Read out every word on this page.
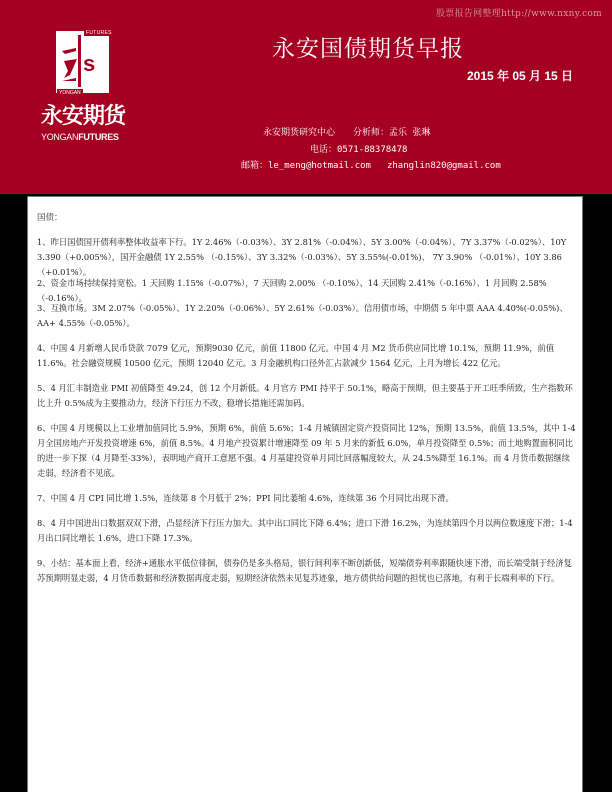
股票报告网整理http://www.nxny.com
s
FUTURES
YONGAN
永安期货
YONGANFUTURES
永安国债期货早报
2015 年 05 月 15 日
永安期货研究中心 分析师：孟乐 张琳
电话：0571-88378478
邮箱：le_meng@hotmail.com zhanglin820@gmail.com
国债：
1、昨日国债国开债利率整体收益率下行。1Y 2.46%（-0.03%）、3Y 2.81%（-0.04%）、5Y 3.00%（-0.04%）、7Y 3.37%（-0.02%）、10Y 3.390（+0.005%），国开金融债 1Y 2.55% （-0.15%）、3Y 3.32%（-0.03%）、5Y 3.55%(-0.01%)、 7Y 3.90% （-0.01%）、10Y 3.86（+0.01%）。
2、资金市场持续保持宽松。1 天回购 1.15%（-0.07%），7 天回购 2.00% （-0.10%）、14 天回购 2.41%（-0.16%）、1 月回购 2.58%（-0.16%）。
3、互换市场。3M 2.07%（-0.05%）、1Y 2.20%（-0.06%）、5Y 2.61%（-0.03%）。信用债市场，中期债 5 年中票 AAA 4.40%(-0.05%)、AA+ 4.55%（-0.05%）。
4、中国 4 月新增人民币贷款 7079 亿元，预期9030 亿元，前值 11800 亿元。中国 4 月 M2 货币供应同比增 10.1%，预期 11.9%，前值 11.6%。社会融资规模 10500 亿元，预期 12040 亿元。3 月金融机构口径外汇占款减少 1564 亿元，上月为增长 422 亿元。
5、4 月汇丰制造业 PMI 初值降至 49.24，创 12 个月新低。4 月官方 PMI 持平于 50.1%，略高于预期，但主要基于开工旺季所致，生产指数环比上升 0.5%成为主要推动力，经济下行压力不改，稳增长措施还需加码。
6、中国 4 月规模以上工业增加值同比 5.9%，预期 6%，前值 5.6%；1-4 月城镇固定资产投资同比 12%，预期 13.5%，前值 13.5%，其中 1-4 月全国房地产开发投资增速 6%，前值 8.5%。4 月地产投资累计增速降至 09 年 5 月来的新低 6.0%，单月投资降至 0.5%；而土地购置面积同比的进一步下探（4 月降至-33%），表明地产商开工意愿不强。4 月基建投资单月同比回落幅度较大，从 24.5%降至 16.1%。而 4 月货币数据继续走弱，经济看不见底。
7、中国 4 月 CPI 同比增 1.5%，连续第 8 个月低于 2%；PPI 同比萎缩 4.6%，连续第 36 个月同比出现下滑。
8、4 月中国进出口数据双双下滑，凸显经济下行压力加大。其中出口同比下降 6.4%；进口下滑 16.2%，为连续第四个月以两位数速度下滑；1-4 月出口同比增长 1.6%，进口下降 17.3%。
9、小结：基本面上看，经济+通胀水平低位徘徊，债券仍是多头格局，银行间利率不断创新低，短端债券利率跟随快速下滑，而长端受制于经济复苏预期明显走弱，4 月货币数据和经济数据再度走弱，短期经济依然未见复苏迹象，地方债供给问题的担忧也已落地，有利于长端利率的下行。
